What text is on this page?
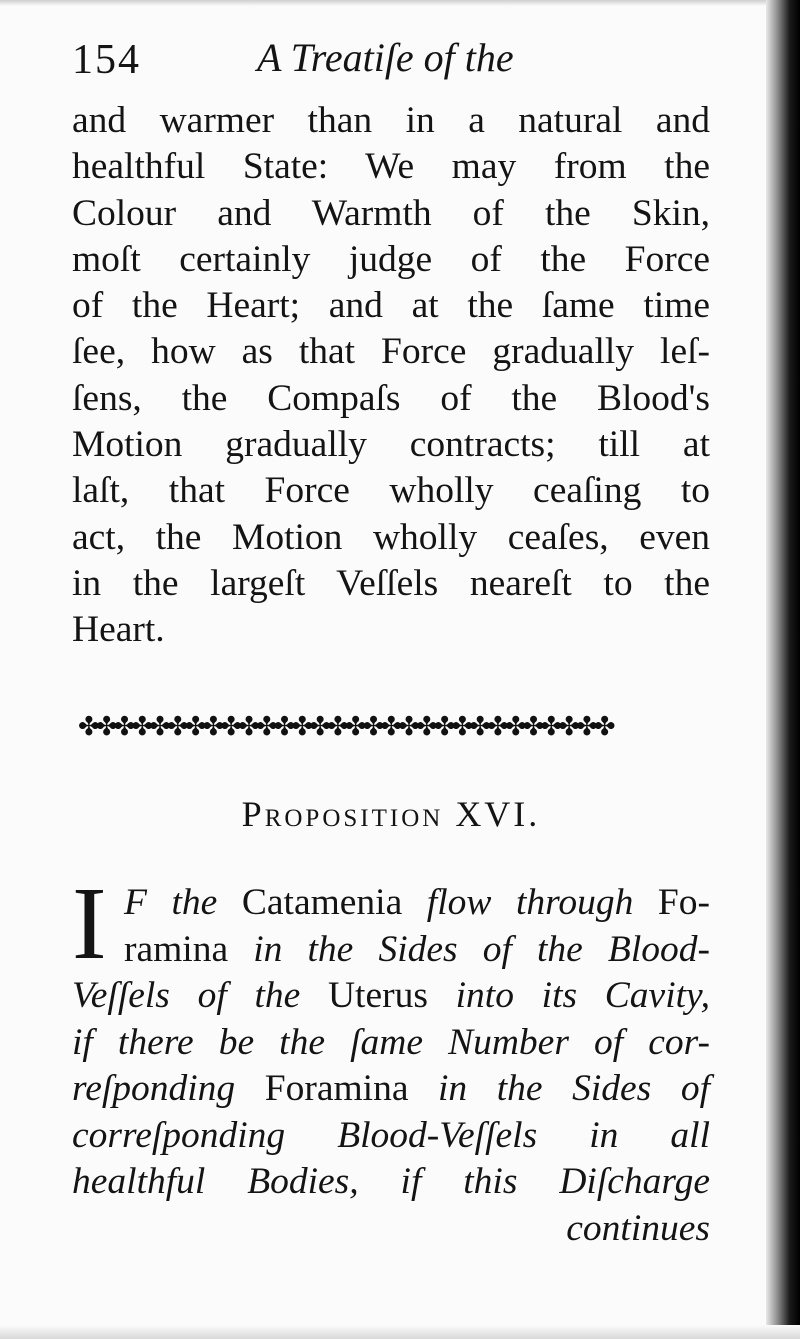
154	A Treatiſe of the
and warmer than in a natural and
healthful State: We may from the
Colour and Warmth of the Skin,
moſt certainly judge of the Force
of the Heart; and at the ſame time
ſee, how as that Force gradually leſ-
ſens, the Compaſs of the Blood's
Motion gradually contracts; till at
laſt, that Force wholly ceaſing to
act, the Motion wholly ceaſes, even
in the largeſt Veſſels neareſt to the
Heart.
✤✤✤✤✤✤✤✤✤✤✤✤✤✤✤✤✤✤✤✤✤✤✤✤✤✤✤✤✤✤
Proposition XVI.
I F the Catamenia flow through Fo-
ramina in the Sides of the Blood-
Veſſels of the Uterus into its Cavity,
if there be the ſame Number of cor-
reſponding Foramina in the Sides of
correſponding Blood-Veſſels in all
healthful Bodies, if this Diſcharge
continues
